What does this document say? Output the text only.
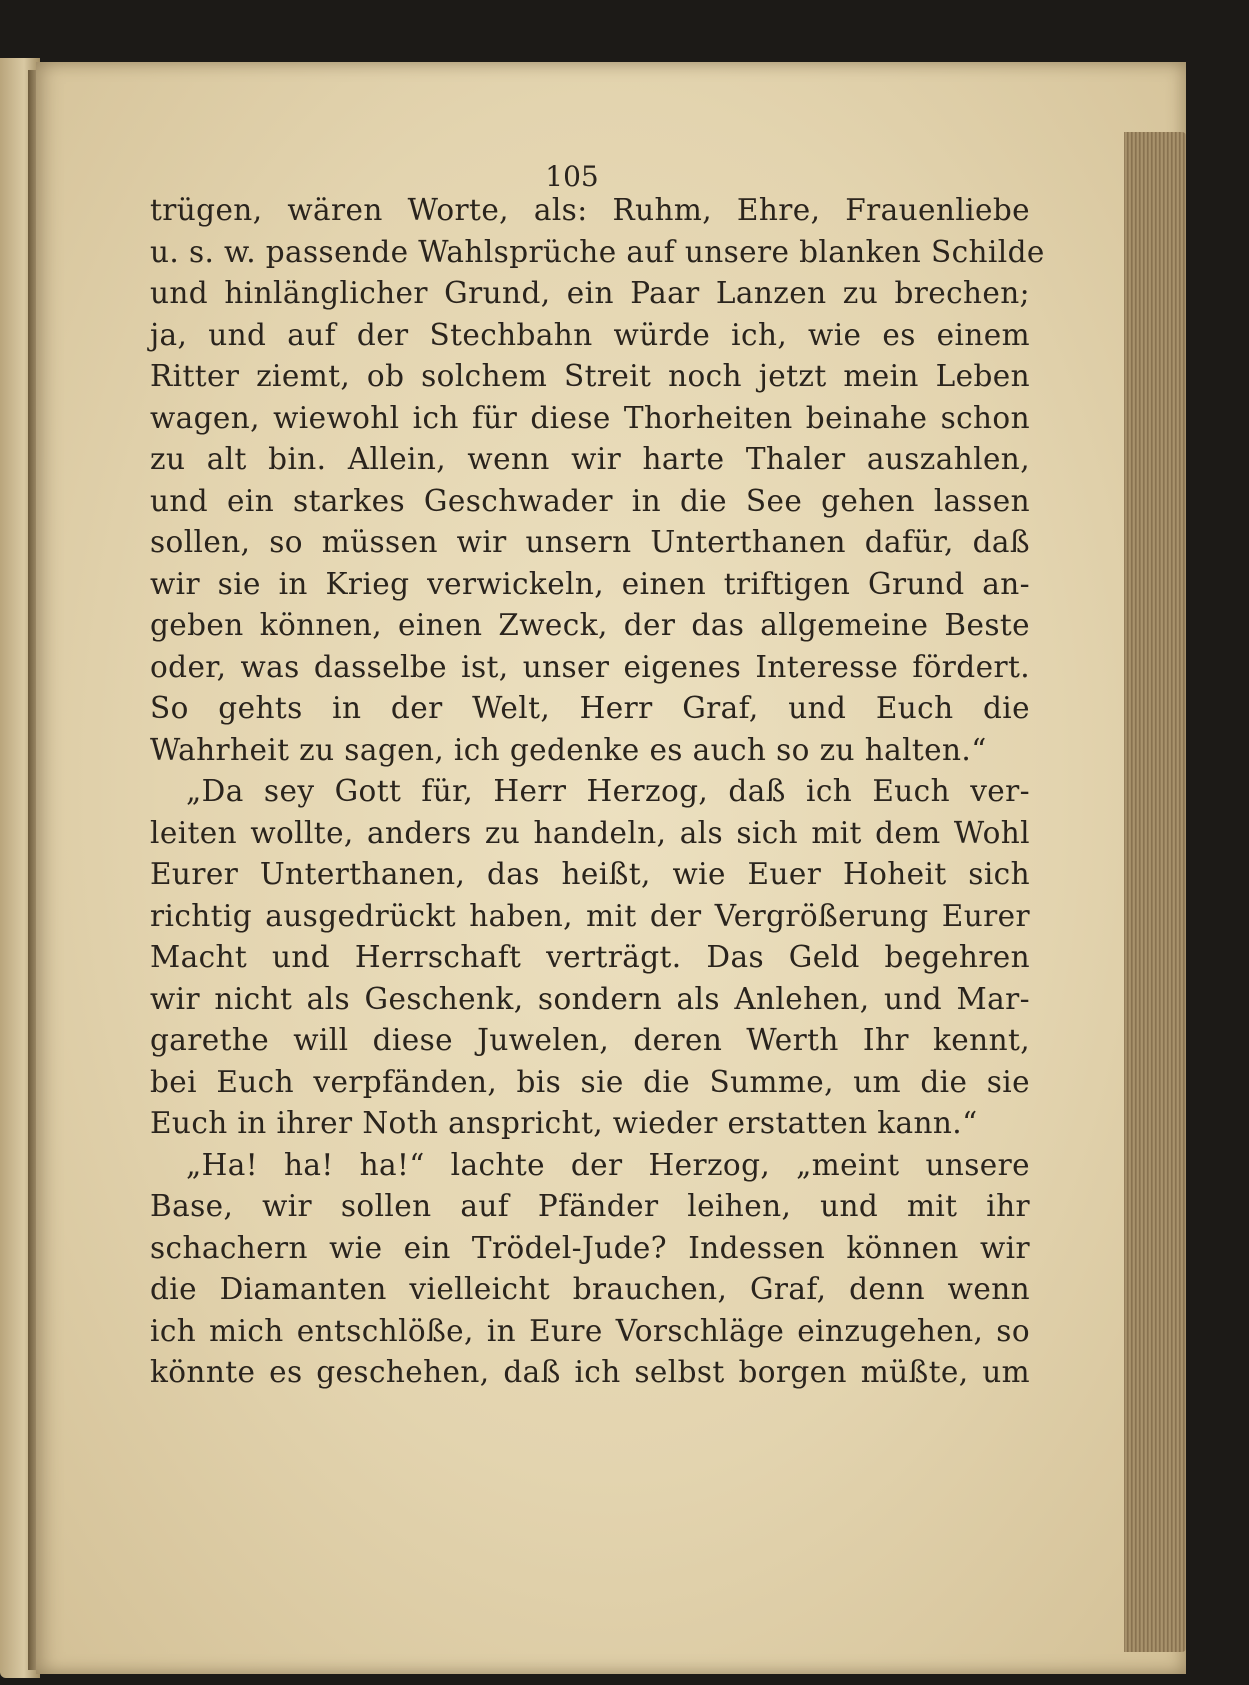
105
trügen, wären Worte, als: Ruhm, Ehre, Frauenliebe
u. s. w. passende Wahlsprüche auf unsere blanken Schilde
und hinlänglicher Grund, ein Paar Lanzen zu brechen;
ja, und auf der Stechbahn würde ich, wie es einem
Ritter ziemt, ob solchem Streit noch jetzt mein Leben
wagen, wiewohl ich für diese Thorheiten beinahe schon
zu alt bin. Allein, wenn wir harte Thaler auszahlen,
und ein starkes Geschwader in die See gehen lassen
sollen, so müssen wir unsern Unterthanen dafür, daß
wir sie in Krieg verwickeln, einen triftigen Grund an-
geben können, einen Zweck, der das allgemeine Beste
oder, was dasselbe ist, unser eigenes Interesse fördert.
So gehts in der Welt, Herr Graf, und Euch die
Wahrheit zu sagen, ich gedenke es auch so zu halten.“
„Da sey Gott für, Herr Herzog, daß ich Euch ver-
leiten wollte, anders zu handeln, als sich mit dem Wohl
Eurer Unterthanen, das heißt, wie Euer Hoheit sich
richtig ausgedrückt haben, mit der Vergrößerung Eurer
Macht und Herrschaft verträgt. Das Geld begehren
wir nicht als Geschenk, sondern als Anlehen, und Mar-
garethe will diese Juwelen, deren Werth Ihr kennt,
bei Euch verpfänden, bis sie die Summe, um die sie
Euch in ihrer Noth anspricht, wieder erstatten kann.“
„Ha! ha! ha!“ lachte der Herzog, „meint unsere
Base, wir sollen auf Pfänder leihen, und mit ihr
schachern wie ein Trödel-Jude? Indessen können wir
die Diamanten vielleicht brauchen, Graf, denn wenn
ich mich entschlöße, in Eure Vorschläge einzugehen, so
könnte es geschehen, daß ich selbst borgen müßte, um
